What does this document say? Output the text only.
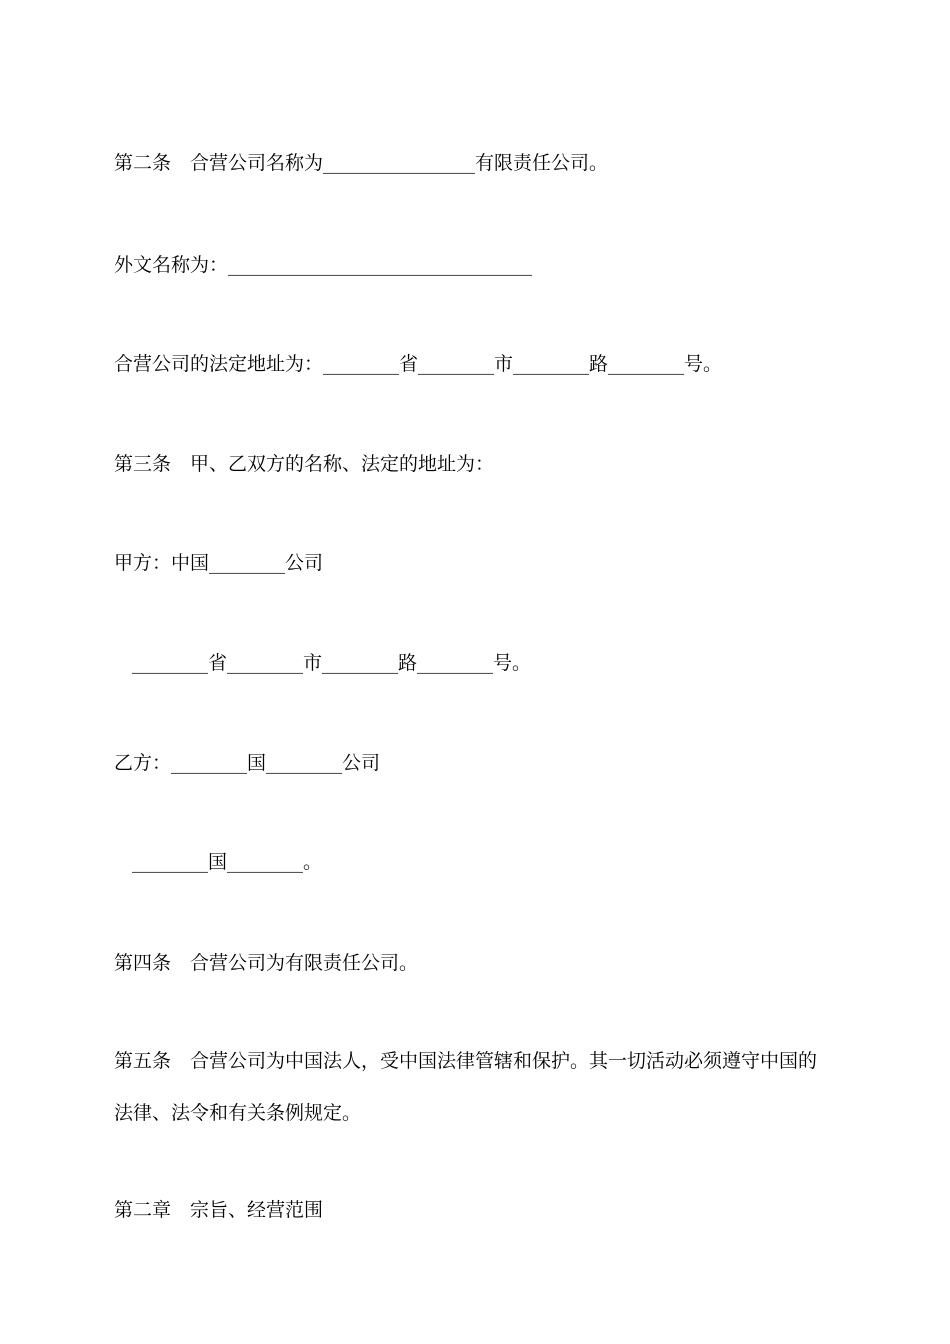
第二条　合营公司名称为________________有限责任公司。
外文名称为：________________________________
合营公司的法定地址为：________省________市________路________号。
第三条　甲、乙双方的名称、法定的地址为：
甲方：中国________公司
________省________市________路________号。
乙方：________国________公司
________国________。
第四条　合营公司为有限责任公司。
第五条　合营公司为中国法人，受中国法律管辖和保护。其一切活动必须遵守中国的
法律、法令和有关条例规定。
第二章　宗旨、经营范围
